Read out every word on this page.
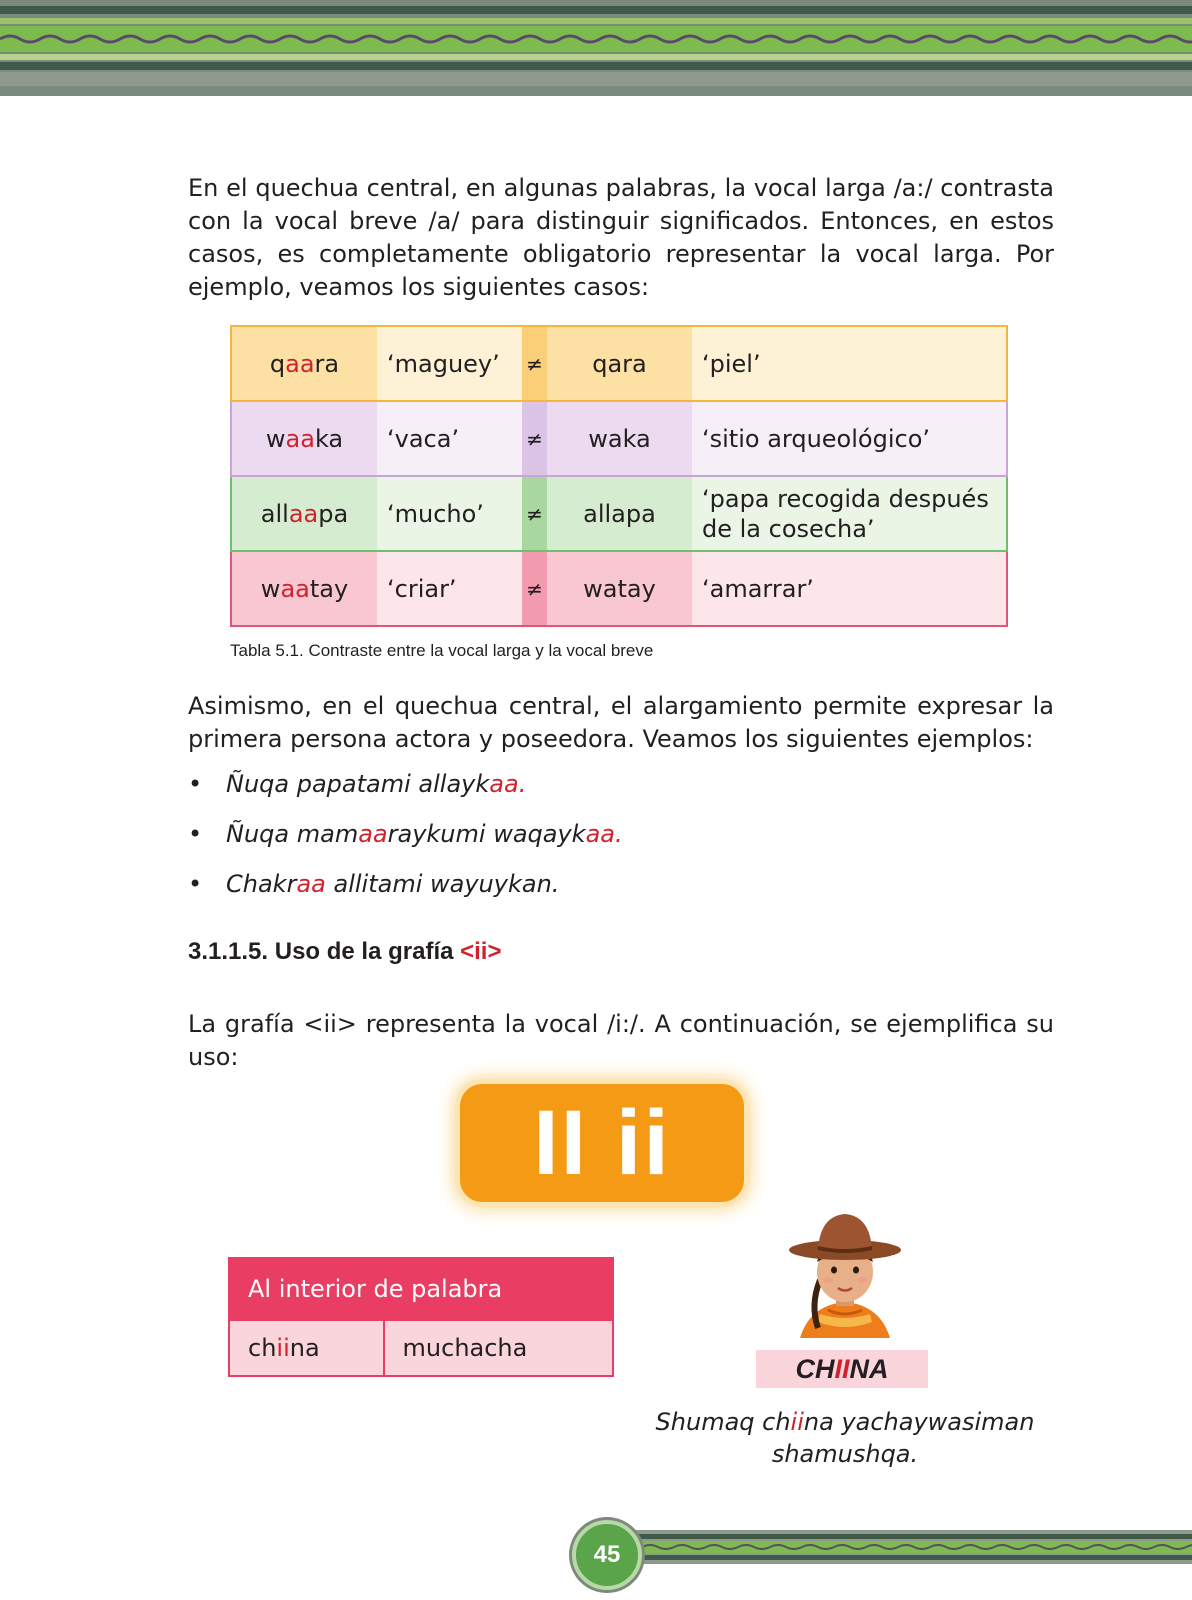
En el quechua central, en algunas palabras, la vocal larga /a:/ contrasta con la vocal breve /a/ para distinguir significados. Entonces, en estos casos, es completamente obligatorio representar la vocal larga. Por ejemplo, veamos los siguientes casos:
qaara	‘maguey’	≠	qara	‘piel’
waaka	‘vaca’	≠	waka	‘sitio arqueológico’
allaapa	‘mucho’	≠	allapa	‘papa recogida después de la cosecha’
waatay	‘criar’	≠	watay	‘amarrar’
Tabla 5.1. Contraste entre la vocal larga y la vocal breve
Asimismo, en el quechua central, el alargamiento permite expresar la primera persona actora y poseedora. Veamos los siguientes ejemplos:
• Ñuqa papatami allaykaa.
• Ñuqa mamaaraykumi waqaykaa.
• Chakraa allitami wayuykan.
3.1.1.5. Uso de la grafía <ii>
La grafía <ii> representa la vocal /i:/. A continuación, se ejemplifica su uso:
II ii
Al interior de palabra
chiina	muchacha
CHIINA
Shumaq chiina yachaywasiman shamushqa.
45
